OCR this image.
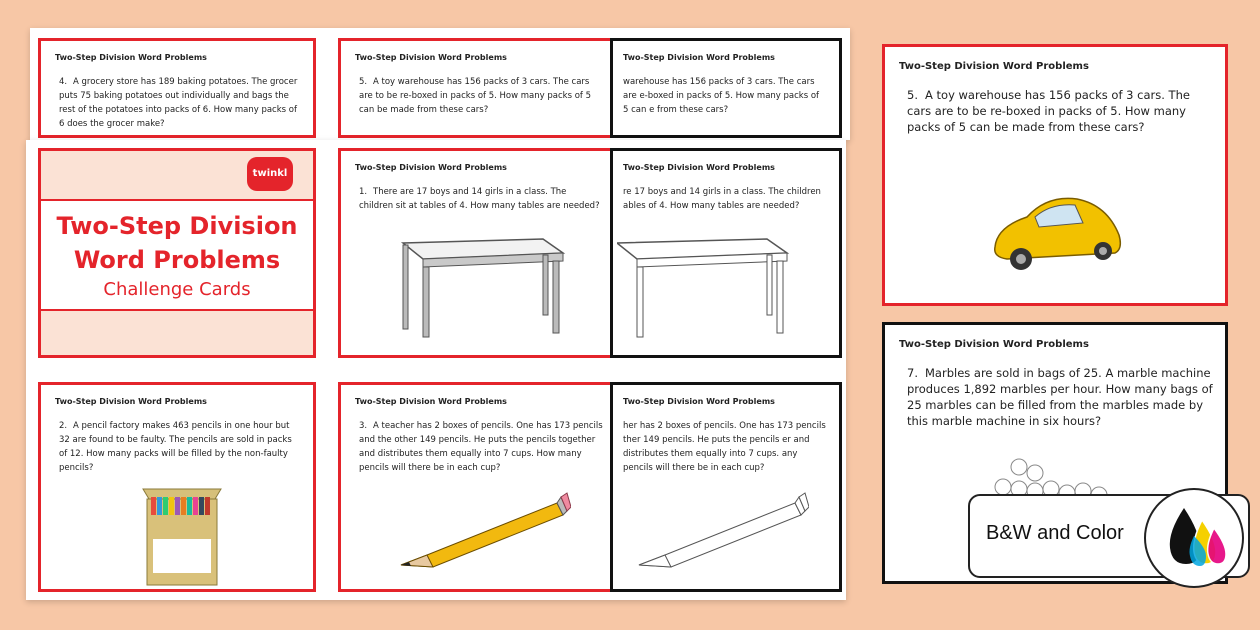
Two-Step Division Word Problems
4. A grocery store has 189 baking potatoes. The grocer puts 75 baking potatoes out individually and bags the rest of the potatoes into packs of 6. How many packs of 6 does the grocer make?
Two-Step Division Word Problems
5. A toy warehouse has 156 packs of 3 cars. The cars are to be re-boxed in packs of 5. How many packs of 5 can be made from these cars?
Two-Step Division Word Problems
warehouse has 156 packs of 3 cars. The cars are e-boxed in packs of 5. How many packs of 5 can e from these cars?
twinkl
Two-Step Division
Word Problems
Challenge Cards
Two-Step Division Word Problems
1. There are 17 boys and 14 girls in a class. The children sit at tables of 4. How many tables are needed?
Two-Step Division Word Problems
re 17 boys and 14 girls in a class. The children ables of 4. How many tables are needed?
Two-Step Division Word Problems
2. A pencil factory makes 463 pencils in one hour but 32 are found to be faulty. The pencils are sold in packs of 12. How many packs will be filled by the non-faulty pencils?
Two-Step Division Word Problems
3. A teacher has 2 boxes of pencils. One has 173 pencils and the other 149 pencils. He puts the pencils together and distributes them equally into 7 cups. How many pencils will there be in each cup?
Two-Step Division Word Problems
her has 2 boxes of pencils. One has 173 pencils ther 149 pencils. He puts the pencils er and distributes them equally into 7 cups. any pencils will there be in each cup?
Two-Step Division Word Problems
5. A toy warehouse has 156 packs of 3 cars. The cars are to be re-boxed in packs of 5. How many packs of 5 can be made from these cars?
Two-Step Division Word Problems
7. Marbles are sold in bags of 25. A marble machine produces 1,892 marbles per hour. How many bags of 25 marbles can be filled from the marbles made by this marble machine in six hours?
B&W and Color
